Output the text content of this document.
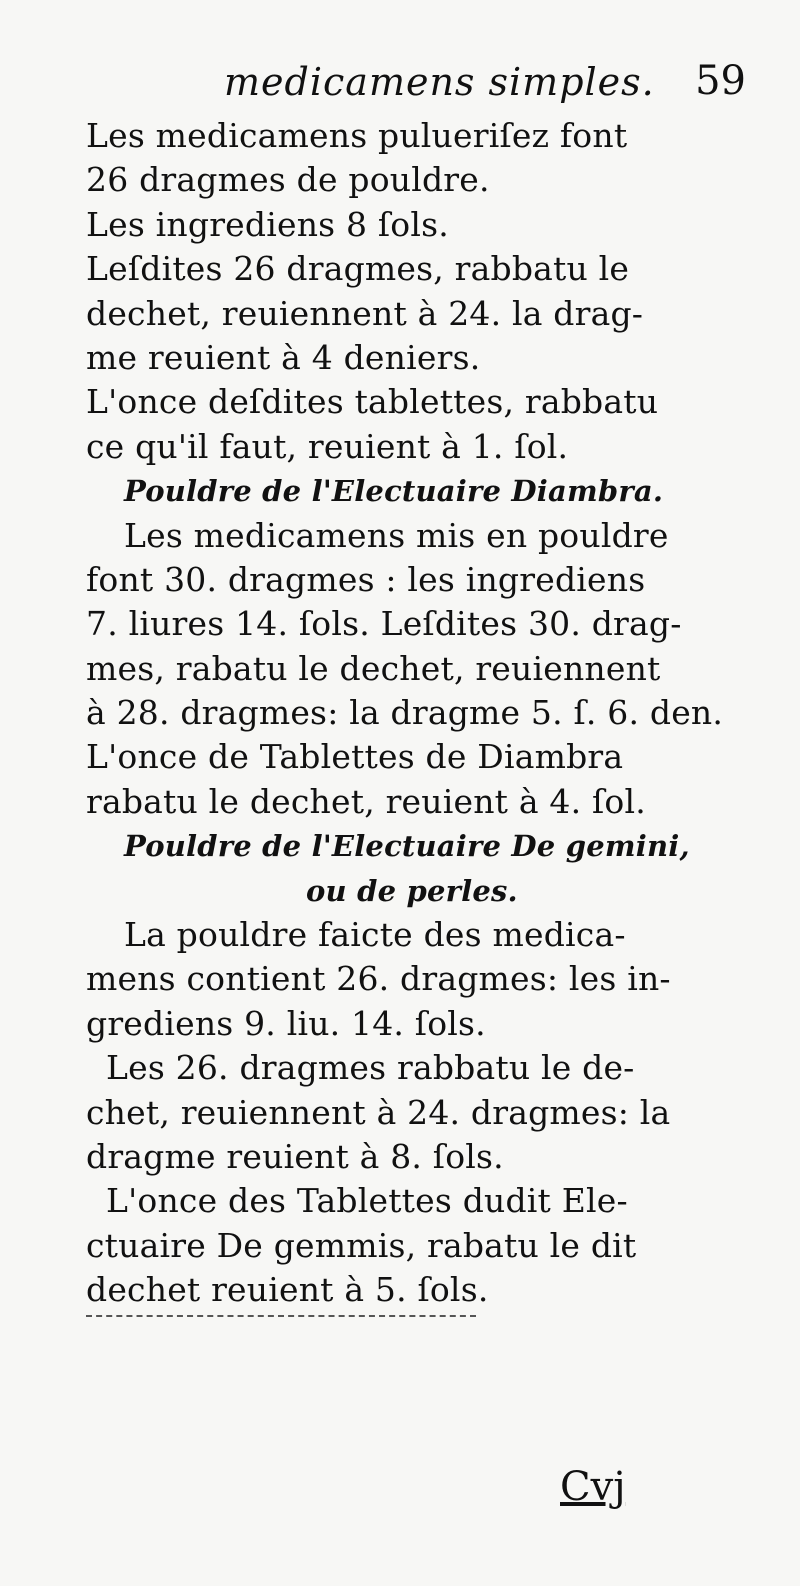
medicamens simples. 59
Les medicamens pulueriſez font
26 dragmes de pouldre.
Les ingrediens 8 ſols.
Leſdites 26 dragmes, rabbatu le
dechet, reuiennent à 24. la drag-
me reuient à 4 deniers.
L'once deſdites tablettes, rabbatu
ce qu'il faut, reuient à 1. ſol.
Pouldre de l'Electuaire Diambra.
Les medicamens mis en pouldre
font 30. dragmes : les ingrediens
7. liures 14. ſols. Leſdites 30. drag-
mes, rabatu le dechet, reuiennent
à 28. dragmes: la dragme 5. ſ. 6. den.
L'once de Tablettes de Diambra
rabatu le dechet, reuient à 4. ſol.
Pouldre de l'Electuaire De gemini,
ou de perles.
La pouldre faicte des medica-
mens contient 26. dragmes: les in-
grediens 9. liu. 14. ſols.
Les 26. dragmes rabbatu le de-
chet, reuiennent à 24. dragmes: la
dragme reuient à 8. ſols.
L'once des Tablettes dudit Ele-
ctuaire De gemmis, rabatu le dit
dechet reuient à 5. ſols.
Cvj
